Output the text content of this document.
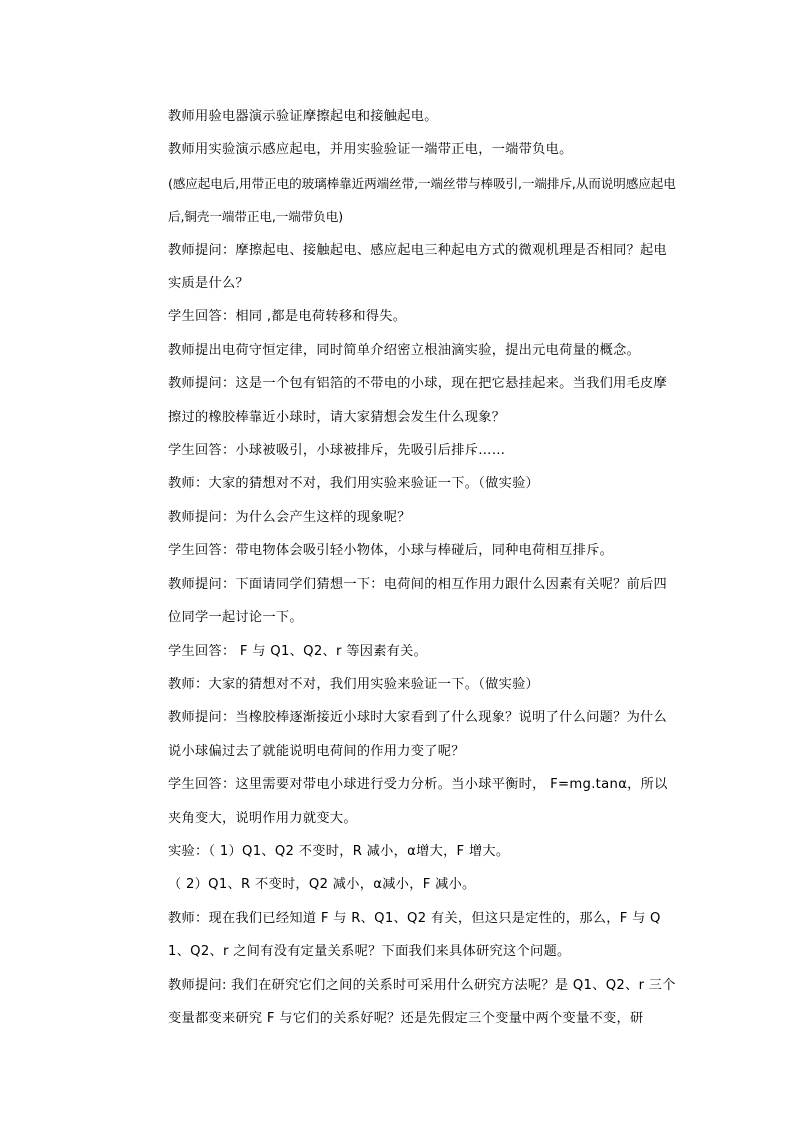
教师用验电器演示验证摩擦起电和接触起电。

教师用实验演示感应起电，并用实验验证一端带正电，一端带负电。

(感应起电后,用带正电的玻璃棒靠近两端丝带,一端丝带与棒吸引,一端排斥,从而说明感应起电后,铜壳一端带正电,一端带负电)

教师提问：摩擦起电、接触起电、感应起电三种起电方式的微观机理是否相同？起电实质是什么？

学生回答：相同 ,都是电荷转移和得失。

教师提出电荷守恒定律，同时简单介绍密立根油滴实验，提出元电荷量的概念。

教师提问：这是一个包有铝箔的不带电的小球，现在把它悬挂起来。当我们用毛皮摩擦过的橡胶棒靠近小球时，请大家猜想会发生什么现象？

学生回答：小球被吸引，小球被排斥，先吸引后排斥……

教师：大家的猜想对不对，我们用实验来验证一下。（做实验）

教师提问：为什么会产生这样的现象呢？

学生回答：带电物体会吸引轻小物体，小球与棒碰后，同种电荷相互排斥。

教师提问：下面请同学们猜想一下：电荷间的相互作用力跟什么因素有关呢？前后四位同学一起讨论一下。

学生回答： F 与 Q1、Q2、r 等因素有关。

教师：大家的猜想对不对，我们用实验来验证一下。（做实验）

教师提问：当橡胶棒逐渐接近小球时大家看到了什么现象？说明了什么问题？为什么说小球偏过去了就能说明电荷间的作用力变了呢？

学生回答：这里需要对带电小球进行受力分析。当小球平衡时， F=mg.tanα，所以夹角变大，说明作用力就变大。

实验：（ 1）Q1、Q2 不变时，R 减小，α增大，F 增大。

（ 2）Q1、R 不变时，Q2 减小，α减小，F 减小。

教师：现在我们已经知道 F 与 R、Q1、Q2 有关，但这只是定性的，那么，F 与 Q1、Q2、r 之间有没有定量关系呢？下面我们来具体研究这个问题。

教师提问: 我们在研究它们之间的关系时可采用什么研究方法呢？是 Q1、Q2、r 三个变量都变来研究 F 与它们的关系好呢？还是先假定三个变量中两个变量不变，研
